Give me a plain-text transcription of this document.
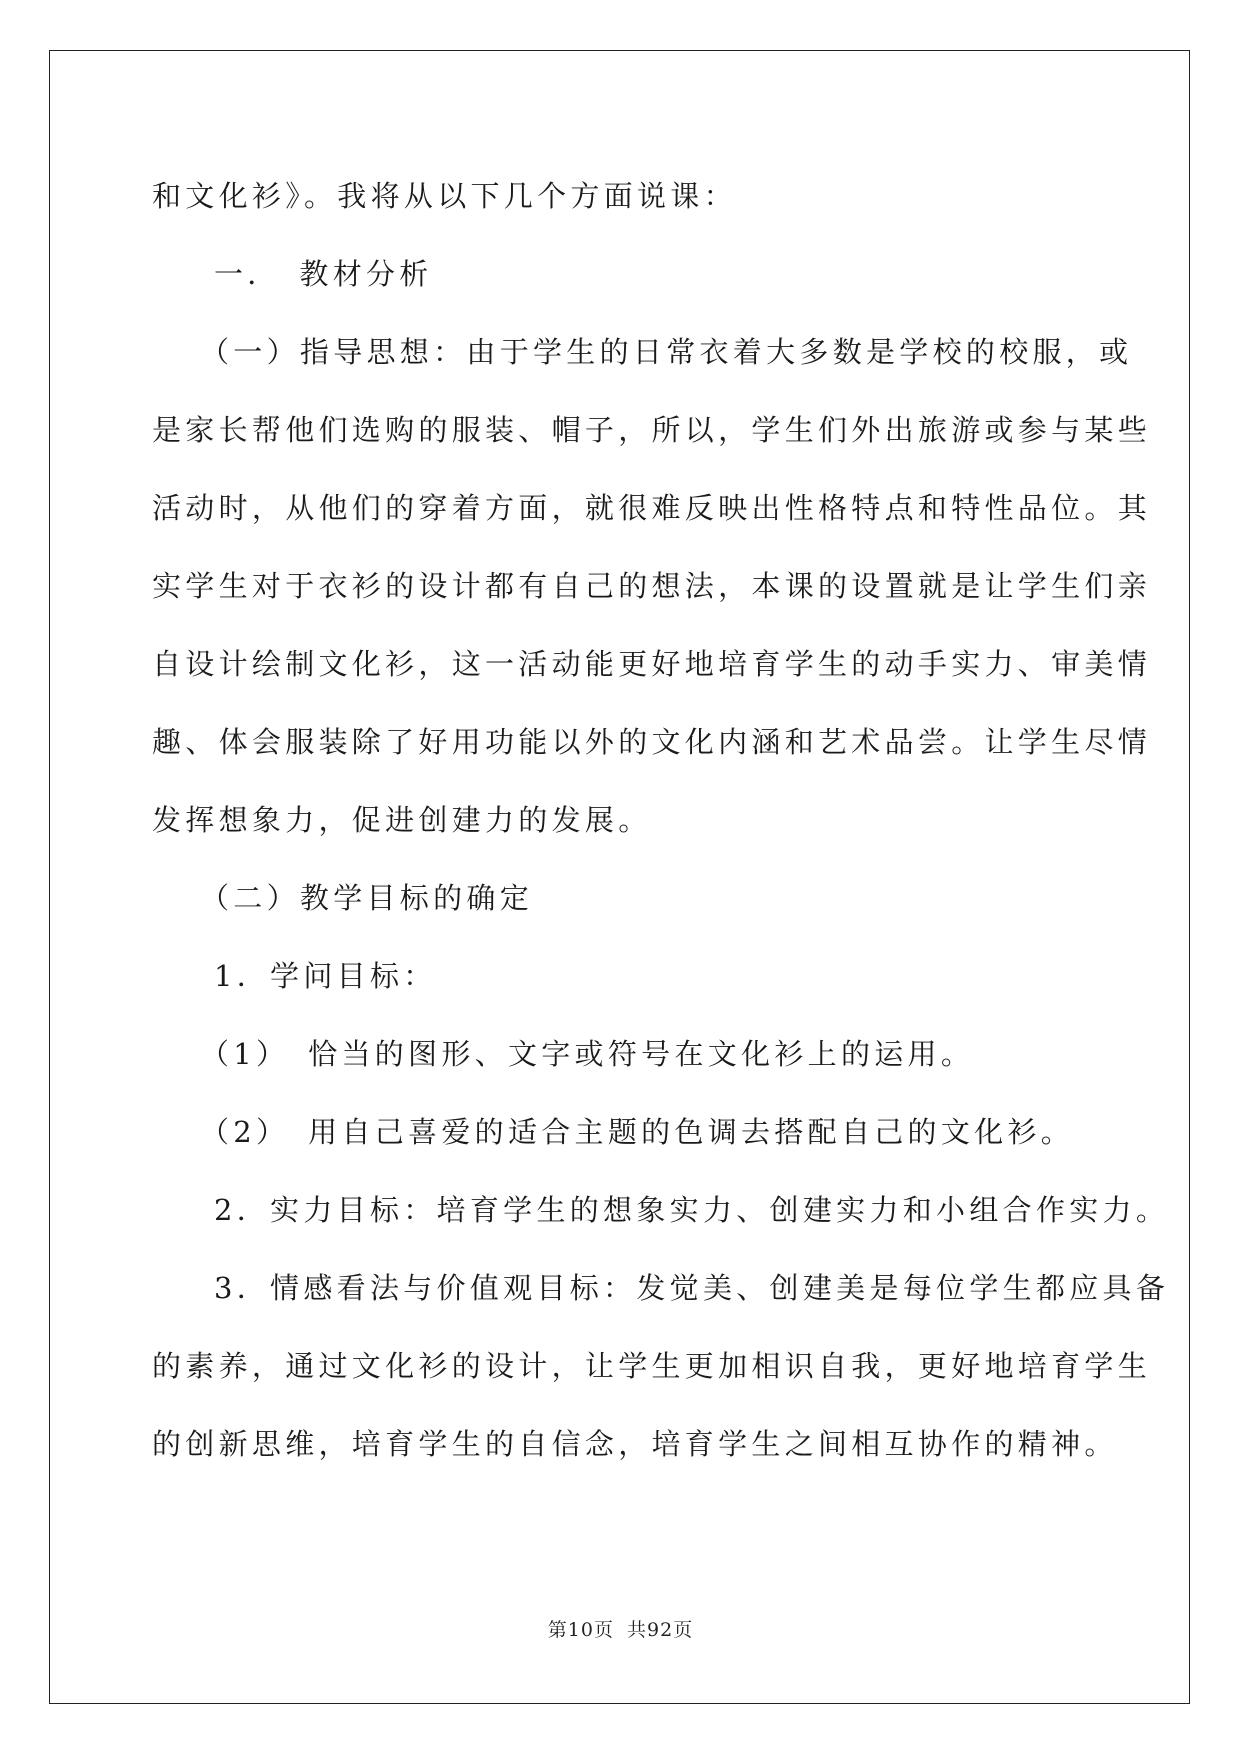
和文化衫》。我将从以下几个方面说课：
一．　教材分析
（一）指导思想：由于学生的日常衣着大多数是学校的校服，或
是家长帮他们选购的服装、帽子，所以，学生们外出旅游或参与某些
活动时，从他们的穿着方面，就很难反映出性格特点和特性品位。其
实学生对于衣衫的设计都有自己的想法，本课的设置就是让学生们亲
自设计绘制文化衫，这一活动能更好地培育学生的动手实力、审美情
趣、体会服装除了好用功能以外的文化内涵和艺术品尝。让学生尽情
发挥想象力，促进创建力的发展。
（二）教学目标的确定
1．学问目标：
（1）　恰当的图形、文字或符号在文化衫上的运用。
（2）　用自己喜爱的适合主题的色调去搭配自己的文化衫。
2．实力目标：培育学生的想象实力、创建实力和小组合作实力。
3．情感看法与价值观目标：发觉美、创建美是每位学生都应具备
的素养，通过文化衫的设计，让学生更加相识自我，更好地培育学生
的创新思维，培育学生的自信念，培育学生之间相互协作的精神。
第10页 共92页
